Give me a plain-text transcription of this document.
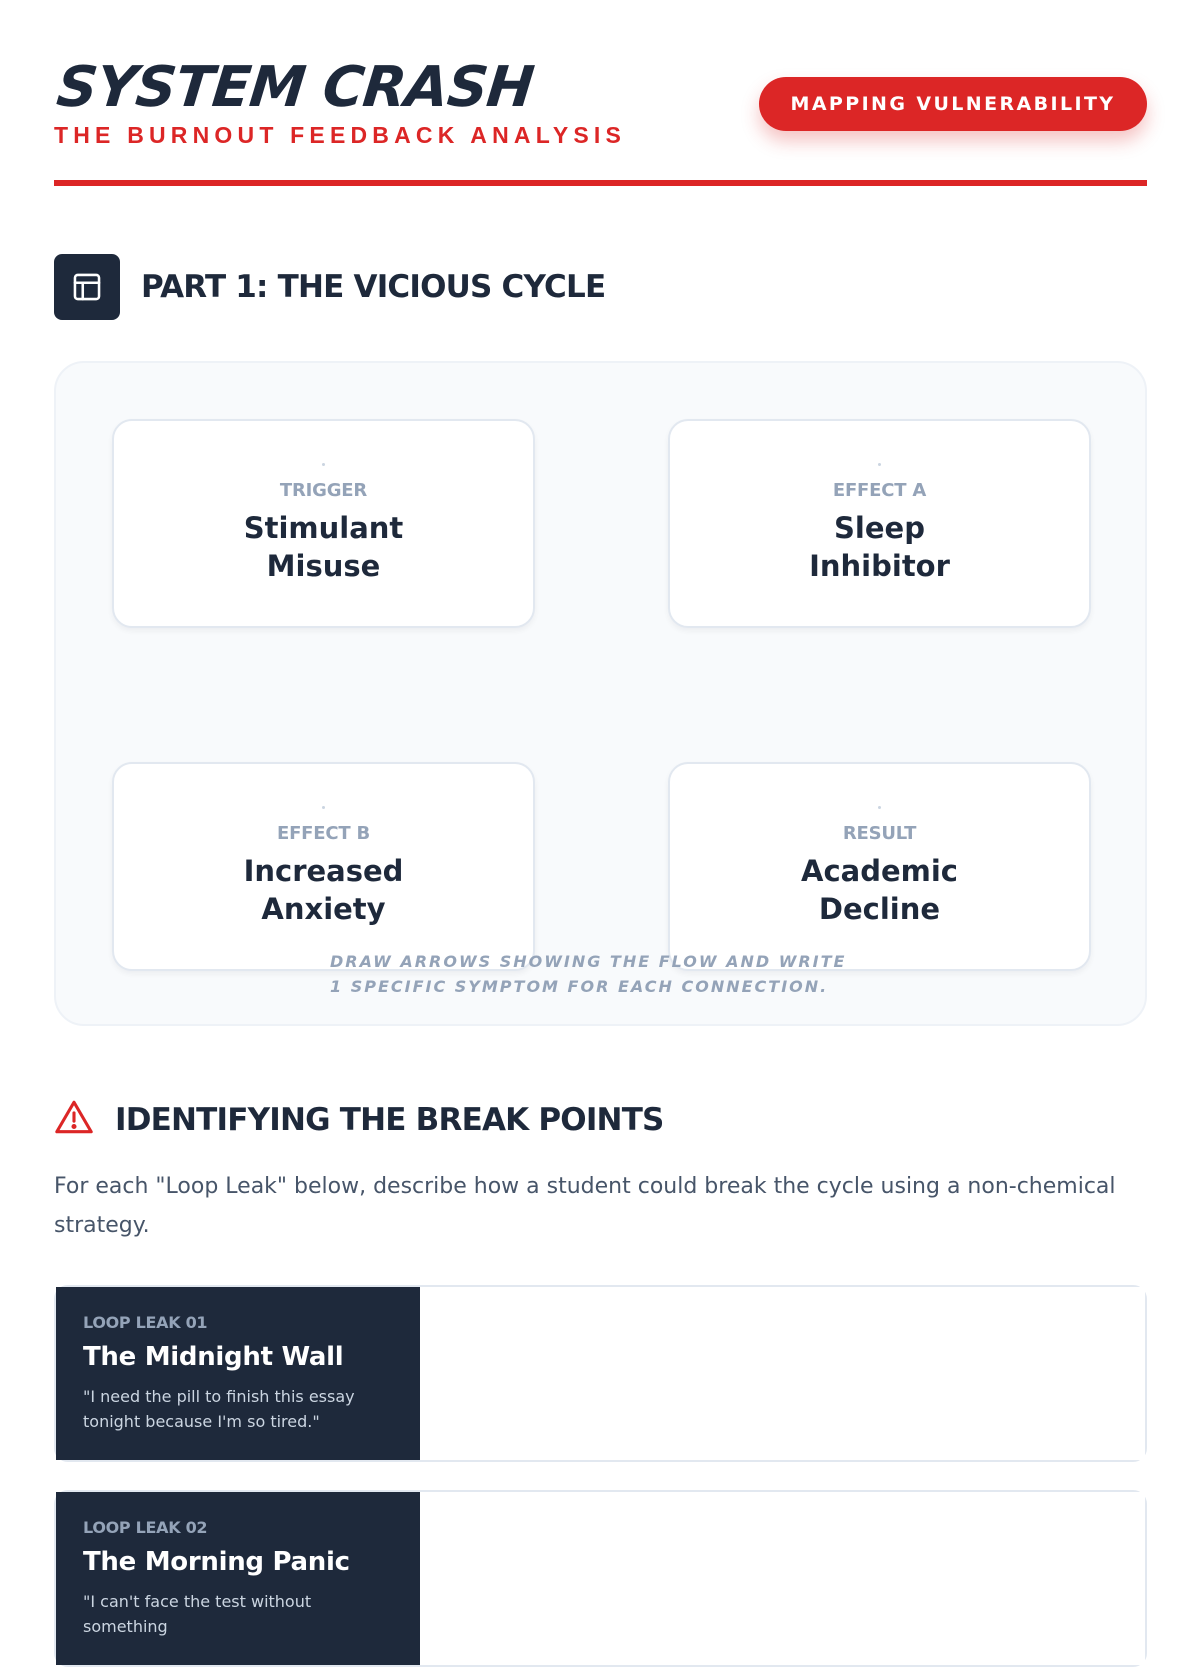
SYSTEM CRASH
THE BURNOUT FEEDBACK ANALYSIS
MAPPING VULNERABILITY
PART 1: THE VICIOUS CYCLE
TRIGGER
Stimulant Misuse
EFFECT A
Sleep Inhibitor
EFFECT B
Increased Anxiety
RESULT
Academic Decline
DRAW ARROWS SHOWING THE FLOW AND WRITE 1 SPECIFIC SYMPTOM FOR EACH CONNECTION.
IDENTIFYING THE BREAK POINTS
For each "Loop Leak" below, describe how a student could break the cycle using a non-chemical strategy.
LOOP LEAK 01
The Midnight Wall
"I need the pill to finish this essay tonight because I'm so tired."
LOOP LEAK 02
The Morning Panic
"I can't face the test without something
